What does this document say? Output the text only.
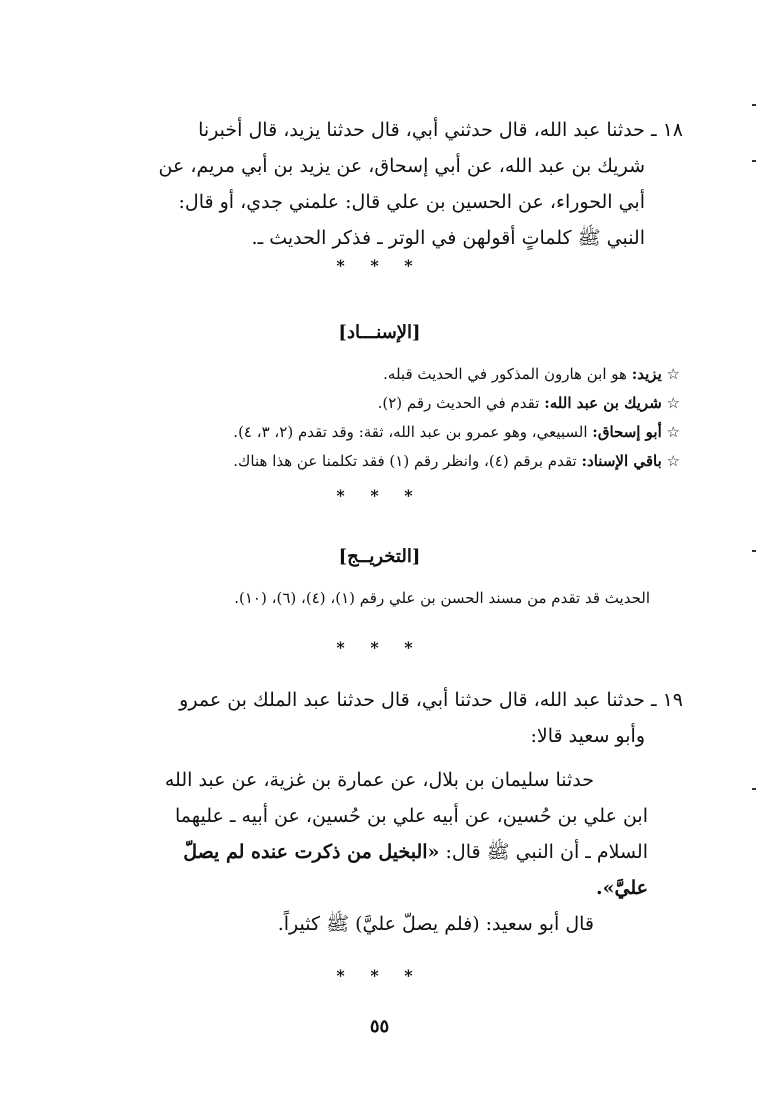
١٨ ـ حدثنا عبد الله، قال حدثني أبي، قال حدثنا يزيد، قال أخبرنا
شريك بن عبد الله، عن أبي إسحاق، عن يزيد بن أبي مريم، عن
أبي الحوراء، عن الحسين بن علي قال: علمني جدي، أو قال:
النبي ﷺ كلماتٍ أقولهن في الوتر ـ فذكر الحديث ـ.
* * *
[الإسنـــاد]
☆ يزيد: هو ابن هارون المذكور في الحديث قبله.
☆ شريك بن عبد الله: تقدم في الحديث رقم (٢).
☆ أبو إسحاق: السبيعي، وهو عمرو بن عبد الله، ثقة: وقد تقدم (٢، ٣، ٤).
☆ باقي الإسناد: تقدم برقم (٤)، وانظر رقم (١) فقد تكلمنا عن هذا هناك.
* * *
[التخريــج]
الحديث قد تقدم من مسند الحسن بن علي رقم (١)، (٤)، (٦)، (١٠).
* * *
١٩ ـ حدثنا عبد الله، قال حدثنا أبي، قال حدثنا عبد الملك بن عمرو
وأبو سعيد قالا:
حدثنا سليمان بن بلال، عن عمارة بن غزية، عن عبد الله
ابن علي بن حُسين، عن أبيه علي بن حُسين، عن أبيه ـ عليهما
السلام ـ أن النبي ﷺ قال: «البخيل من ذكرت عنده لم يصلّ
عليَّ».
قال أبو سعيد: (فلم يصلّ عليَّ) ﷺ كثيراً.
* * *
٥٥
